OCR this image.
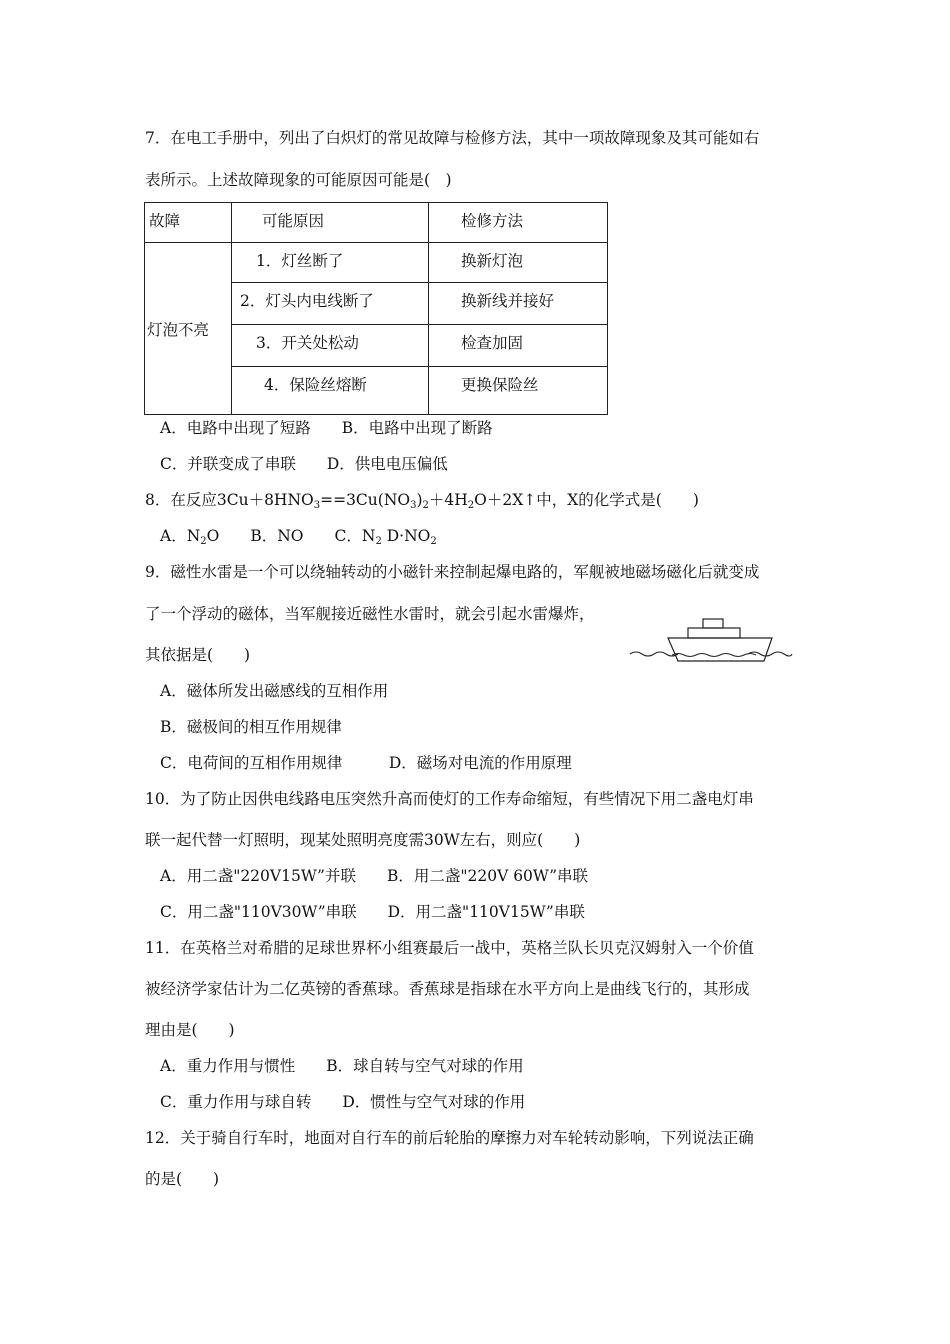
7．在电工手册中，列出了白炽灯的常见故障与检修方法，其中一项故障现象及其可能如右

表所示。上述故障现象的可能原因可能是(　)

故障	可能原因	检修方法
灯泡不亮	1．灯丝断了	换新灯泡
	2．灯头内电线断了	换新线并接好
	3．开关处松动	检查加固
	4．保险丝熔断	更换保险丝

A．电路中出现了短路　　B．电路中出现了断路

C．并联变成了串联　　D．供电电压偏低

8．在反应3Cu＋8HNO3==3Cu(NO3)2＋4H2O＋2X↑中，X的化学式是(　　)

A．N2O　　B．NO　　C．N2 D·NO2

9．磁性水雷是一个可以绕轴转动的小磁针来控制起爆电路的，军舰被地磁场磁化后就变成

了一个浮动的磁体，当军舰接近磁性水雷时，就会引起水雷爆炸，

其依据是(　　)

A．磁体所发出磁感线的互相作用

B．磁极间的相互作用规律

C．电荷间的互相作用规律　　　D．磁场对电流的作用原理

10．为了防止因供电线路电压突然升高而使灯的工作寿命缩短，有些情况下用二盏电灯串

联一起代替一灯照明，现某处照明亮度需30W左右，则应(　　)

A．用二盏"220V15W”并联　　B．用二盏"220V 60W”串联

C．用二盏"110V30W”串联　　D．用二盏"110V15W”串联

11．在英格兰对希腊的足球世界杯小组赛最后一战中，英格兰队长贝克汉姆射入一个价值

被经济学家估计为二亿英镑的香蕉球。香蕉球是指球在水平方向上是曲线飞行的，其形成

理由是(　　)

A．重力作用与惯性　　B．球自转与空气对球的作用

C．重力作用与球自转　　D．惯性与空气对球的作用

12．关于骑自行车时，地面对自行车的前后轮胎的摩擦力对车轮转动影响，下列说法正确

的是(　　)
